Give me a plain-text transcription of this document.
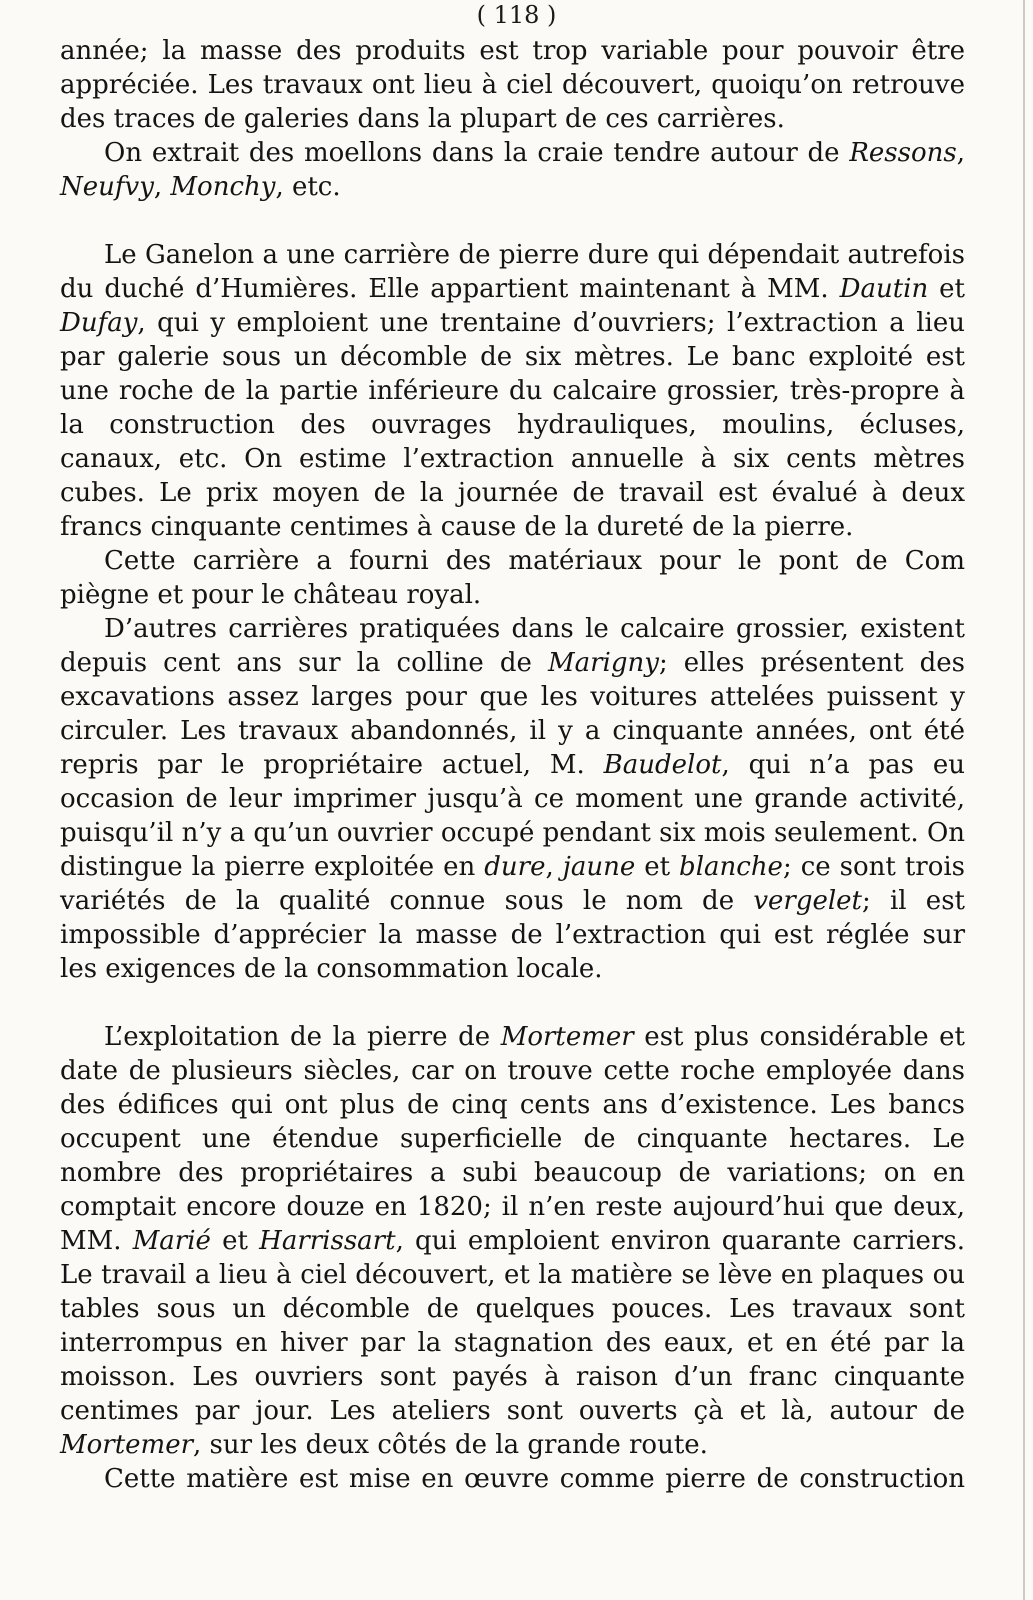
( 118 )

année; la masse des produits est trop variable pour pouvoir être appréciée. Les travaux ont lieu à ciel découvert, quoiqu’on retrouve des traces de galeries dans la plupart de ces carrières.

On extrait des moellons dans la craie tendre autour de Ressons, Neufvy, Monchy, etc.

Le Ganelon a une carrière de pierre dure qui dépendait autrefois du duché d’Humières. Elle appartient maintenant à MM. Dautin et Dufay, qui y emploient une trentaine d’ouvriers; l’extraction a lieu par galerie sous un décomble de six mètres. Le banc exploité est une roche de la partie inférieure du calcaire grossier, très-propre à la construction des ouvrages hydrauliques, moulins, écluses, canaux, etc. On estime l’extraction annuelle à six cents mètres cubes. Le prix moyen de la journée de travail est évalué à deux francs cinquante centimes à cause de la dureté de la pierre.

Cette carrière a fourni des matériaux pour le pont de Com piègne et pour le château royal.

D’autres carrières pratiquées dans le calcaire grossier, existent depuis cent ans sur la colline de Marigny; elles présentent des excavations assez larges pour que les voitures attelées puissent y circuler. Les travaux abandonnés, il y a cinquante années, ont été repris par le propriétaire actuel, M. Baudelot, qui n’a pas eu occasion de leur imprimer jusqu’à ce moment une grande activité, puisqu’il n’y a qu’un ouvrier occupé pendant six mois seulement. On distingue la pierre exploitée en dure, jaune et blanche; ce sont trois variétés de la qualité connue sous le nom de vergelet; il est impossible d’apprécier la masse de l’extraction qui est réglée sur les exigences de la consommation locale.

L’exploitation de la pierre de Mortemer est plus considérable et date de plusieurs siècles, car on trouve cette roche employée dans des édifices qui ont plus de cinq cents ans d’existence. Les bancs occupent une étendue superficielle de cinquante hectares. Le nombre des propriétaires a subi beaucoup de variations; on en comptait encore douze en 1820; il n’en reste aujourd’hui que deux, MM. Marié et Harrissart, qui emploient environ quarante carriers. Le travail a lieu à ciel découvert, et la matière se lève en plaques ou tables sous un décomble de quelques pouces. Les travaux sont interrompus en hiver par la stagnation des eaux, et en été par la moisson. Les ouvriers sont payés à raison d’un franc cinquante centimes par jour. Les ateliers sont ouverts çà et là, autour de Mortemer, sur les deux côtés de la grande route.

Cette matière est mise en œuvre comme pierre de construction
